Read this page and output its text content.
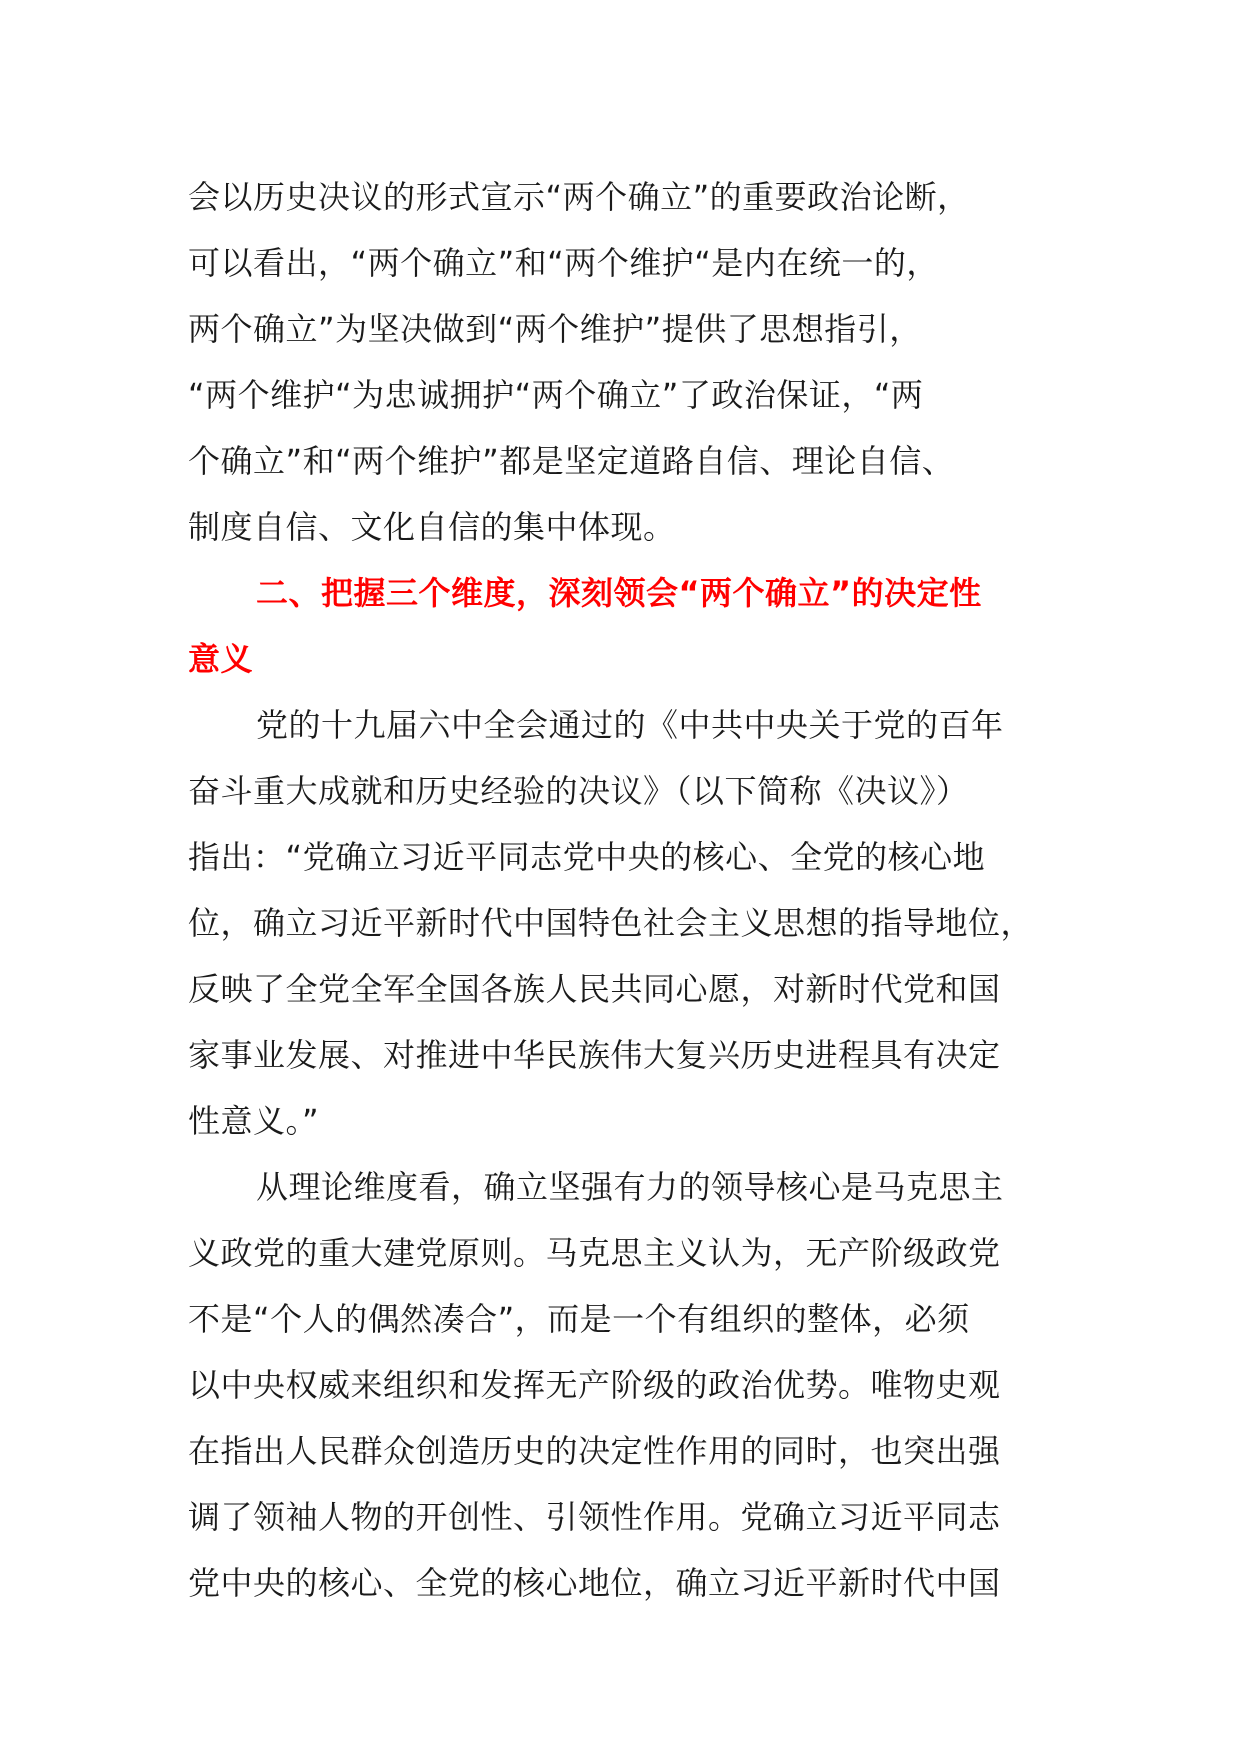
会以历史决议的形式宣示“两个确立”的重要政治论断，
可以看出，“两个确立”和“两个维护“是内在统一的，
两个确立”为坚决做到“两个维护”提供了思想指引，
“两个维护“为忠诚拥护“两个确立”了政治保证，“两
个确立”和“两个维护”都是坚定道路自信、理论自信、
制度自信、文化自信的集中体现。
二、把握三个维度，深刻领会“两个确立”的决定性
意义
党的十九届六中全会通过的《中共中央关于党的百年
奋斗重大成就和历史经验的决议》（以下简称《决议》）
指出：“党确立习近平同志党中央的核心、全党的核心地
位，确立习近平新时代中国特色社会主义思想的指导地位，
反映了全党全军全国各族人民共同心愿，对新时代党和国
家事业发展、对推进中华民族伟大复兴历史进程具有决定
性意义。”
从理论维度看，确立坚强有力的领导核心是马克思主
义政党的重大建党原则。马克思主义认为，无产阶级政党
不是“个人的偶然凑合”，而是一个有组织的整体，必须
以中央权威来组织和发挥无产阶级的政治优势。唯物史观
在指出人民群众创造历史的决定性作用的同时，也突出强
调了领袖人物的开创性、引领性作用。党确立习近平同志
党中央的核心、全党的核心地位，确立习近平新时代中国
